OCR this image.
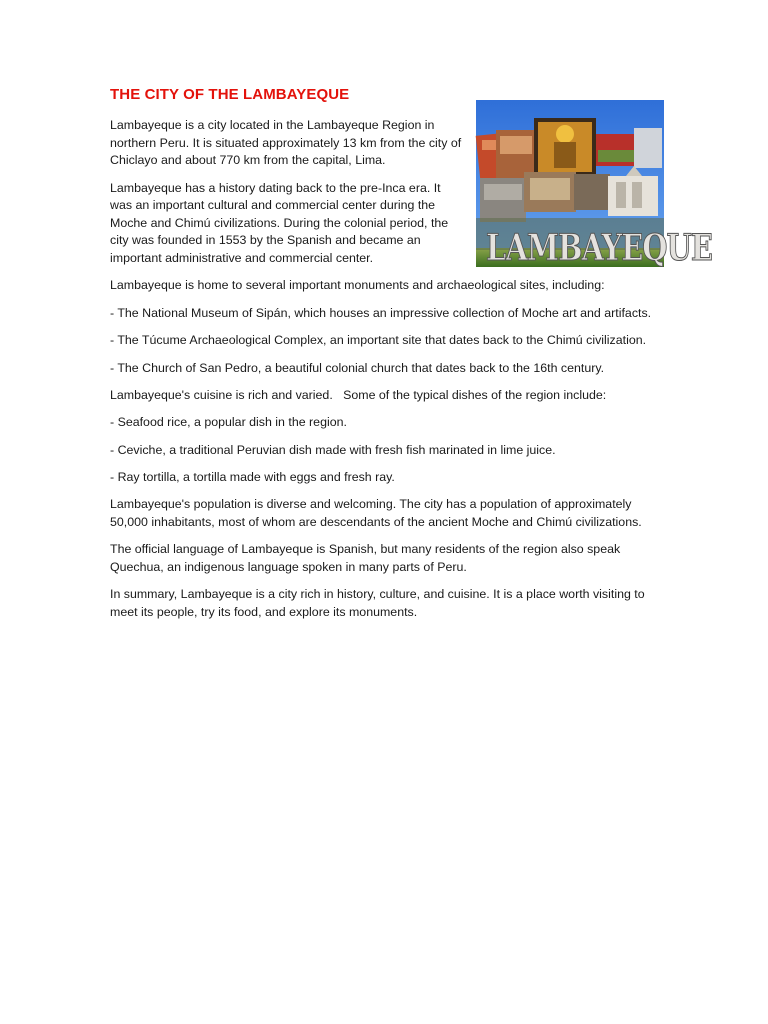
THE CITY OF THE LAMBAYEQUE
LAMBAYEQUE

Lambayeque is a city located in the Lambayeque Region in northern Peru. It is situated approximately 13 km from the city of Chiclayo and about 770 km from the capital, Lima.

Lambayeque has a history dating back to the pre-Inca era. It was an important cultural and commercial center during the Moche and Chimú civilizations. During the colonial period, the city was founded in 1553 by the Spanish and became an important administrative and commercial center.

Lambayeque is home to several important monuments and archaeological sites, including:

- The National Museum of Sipán, which houses an impressive collection of Moche art and artifacts.

- The Túcume Archaeological Complex, an important site that dates back to the Chimú civilization.

- The Church of San Pedro, a beautiful colonial church that dates back to the 16th century.

Lambayeque's cuisine is rich and varied.   Some of the typical dishes of the region include:

- Seafood rice, a popular dish in the region.

- Ceviche, a traditional Peruvian dish made with fresh fish marinated in lime juice.

- Ray tortilla, a tortilla made with eggs and fresh ray.

Lambayeque's population is diverse and welcoming. The city has a population of approximately 50,000 inhabitants, most of whom are descendants of the ancient Moche and Chimú civilizations.

The official language of Lambayeque is Spanish, but many residents of the region also speak Quechua, an indigenous language spoken in many parts of Peru.

In summary, Lambayeque is a city rich in history, culture, and cuisine. It is a place worth visiting to meet its people, try its food, and explore its monuments.
